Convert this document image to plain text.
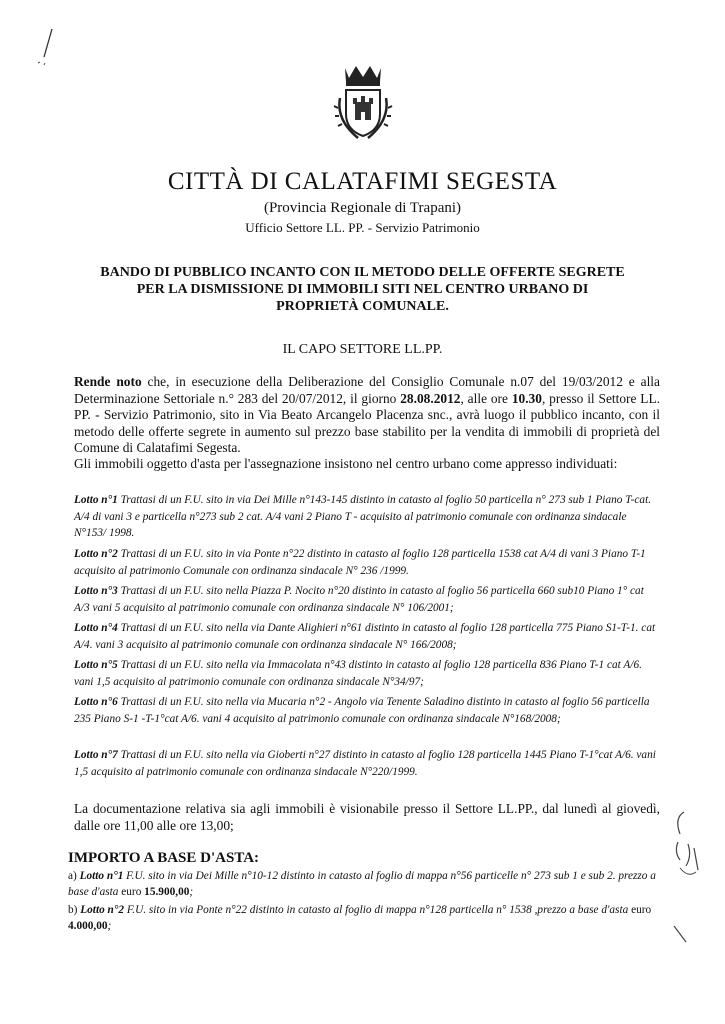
CITTÀ DI CALATAFIMI SEGESTA
(Provincia Regionale di Trapani)
Ufficio Settore LL. PP. - Servizio Patrimonio
BANDO DI PUBBLICO INCANTO CON IL METODO DELLE OFFERTE SEGRETE
PER LA DISMISSIONE DI IMMOBILI SITI NEL CENTRO URBANO DI
PROPRIETÀ COMUNALE.
IL CAPO SETTORE LL.PP.
Rende noto che, in esecuzione della Deliberazione del Consiglio Comunale n.07 del 19/03/2012 e alla Determinazione Settoriale n.° 283 del 20/07/2012, il giorno 28.08.2012, alle ore 10.30, presso il Settore LL. PP. - Servizio Patrimonio, sito in Via Beato Arcangelo Placenza snc., avrà luogo il pubblico incanto, con il metodo delle offerte segrete in aumento sul prezzo base stabilito per la vendita di immobili di proprietà del Comune di Calatafimi Segesta.
Gli immobili oggetto d'asta per l'assegnazione insistono nel centro urbano come appresso individuati:
Lotto n°1 Trattasi di un F.U. sito in via Dei Mille n°143-145 distinto in catasto al foglio 50 particella n° 273 sub 1 Piano T-cat. A/4 di vani 3 e particella n°273 sub 2 cat. A/4 vani 2 Piano T - acquisito al patrimonio comunale con ordinanza sindacale N°153/ 1998.
Lotto n°2 Trattasi di un F.U. sito in via Ponte n°22 distinto in catasto al foglio 128 particella 1538 cat A/4 di vani 3 Piano T-1 acquisito al patrimonio Comunale con ordinanza sindacale N° 236 /1999.
Lotto n°3 Trattasi di un F.U. sito nella Piazza P. Nocito n°20 distinto in catasto al foglio 56 particella 660 sub10 Piano 1° cat A/3 vani 5 acquisito al patrimonio comunale con ordinanza sindacale N° 106/2001;
Lotto n°4 Trattasi di un F.U. sito nella via Dante Alighieri n°61 distinto in catasto al foglio 128 particella 775 Piano S1-T-1. cat A/4. vani 3 acquisito al patrimonio comunale con ordinanza sindacale N° 166/2008;
Lotto n°5 Trattasi di un F.U. sito nella via Immacolata n°43 distinto in catasto al foglio 128 particella 836 Piano T-1 cat A/6. vani 1,5 acquisito al patrimonio comunale con ordinanza sindacale N°34/97;
Lotto n°6 Trattasi di un F.U. sito nella via Mucaria n°2 - Angolo via Tenente Saladino distinto in catasto al foglio 56 particella 235 Piano S-1 -T-1°cat A/6. vani 4 acquisito al patrimonio comunale con ordinanza sindacale N°168/2008;
Lotto n°7 Trattasi di un F.U. sito nella via Gioberti n°27 distinto in catasto al foglio 128 particella 1445 Piano T-1°cat A/6. vani 1,5 acquisito al patrimonio comunale con ordinanza sindacale N°220/1999.
La documentazione relativa sia agli immobili è visionabile presso il Settore LL.PP., dal lunedì al giovedì, dalle ore 11,00 alle ore 13,00;
IMPORTO A BASE D'ASTA:
a) Lotto n°1 F.U. sito in via Dei Mille n°10-12 distinto in catasto al foglio di mappa n°56 particelle n° 273 sub 1 e sub 2. prezzo a base d'asta euro 15.900,00;
b) Lotto n°2 F.U. sito in via Ponte n°22 distinto in catasto al foglio di mappa n°128 particella n° 1538 ,prezzo a base d'asta euro 4.000,00;
